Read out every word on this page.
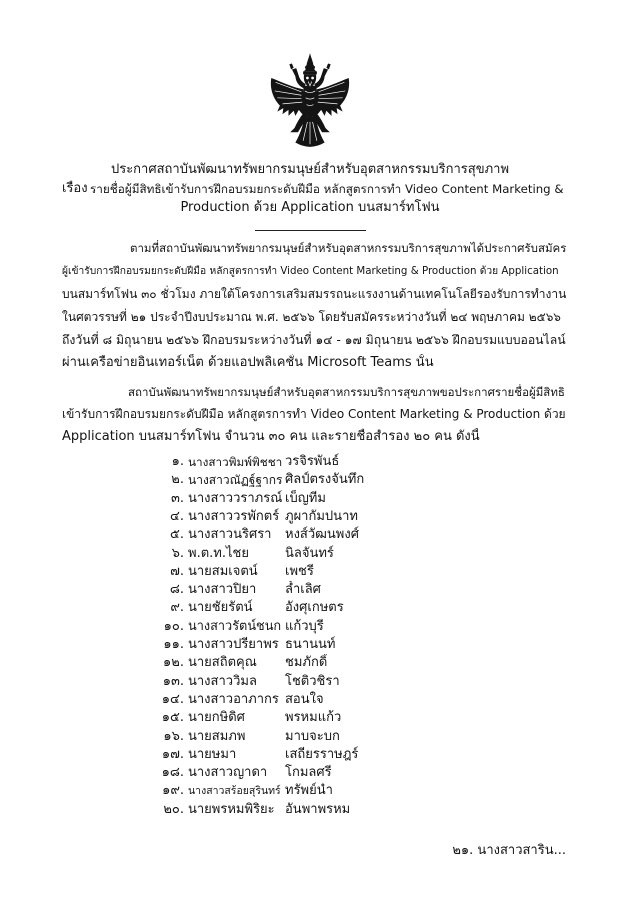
ประกาศสถาบันพัฒนาทรัพยากรมนุษย์สำหรับอุตสาหกรรมบริการสุขภาพ
เรื่อง รายชื่อผู้มีสิทธิเข้ารับการฝึกอบรมยกระดับฝีมือ หลักสูตรการทำ Video Content Marketing &
Production ด้วย Application บนสมาร์ทโฟน
ตามที่สถาบันพัฒนาทรัพยากรมนุษย์สำหรับอุตสาหกรรมบริการสุขภาพได้ประกาศรับสมัคร
ผู้เข้ารับการฝึกอบรมยกระดับฝีมือ หลักสูตรการทำ Video Content Marketing & Production ด้วย Application
บนสมาร์ทโฟน ๓๐ ชั่วโมง ภายใต้โครงการเสริมสมรรถนะแรงงานด้านเทคโนโลยีรองรับการทำงาน
ในศตวรรษที่ ๒๑ ประจำปีงบประมาณ พ.ศ. ๒๕๖๖ โดยรับสมัครระหว่างวันที่ ๒๔ พฤษภาคม ๒๕๖๖
ถึงวันที่ ๘ มิถุนายน ๒๕๖๖ ฝึกอบรมระหว่างวันที่ ๑๔ - ๑๗ มิถุนายน ๒๕๖๖ ฝึกอบรมแบบออนไลน์
ผ่านเครือข่ายอินเทอร์เน็ต ด้วยแอปพลิเคชั่น Microsoft Teams นั้น
สถาบันพัฒนาทรัพยากรมนุษย์สำหรับอุตสาหกรรมบริการสุขภาพขอประกาศรายชื่อผู้มีสิทธิ
เข้ารับการฝึกอบรมยกระดับฝีมือ หลักสูตรการทำ Video Content Marketing & Production ด้วย
Application บนสมาร์ทโฟน จำนวน ๓๐ คน และรายชื่อสำรอง ๒๐ คน ดังนี้
๑. นางสาวพิมพ์พิชชา วรจิรพันธ์
๒. นางสาวณัฏฐ์ฐากร ศิลป์ตรงจันทึก
๓. นางสาววราภรณ์ เบ็ญทีม
๔. นางสาววรพักตร์ ภูผากัมปนาท
๕. นางสาวนริศรา	หงส์วัฒนพงศ์
๖. พ.ต.ท.ไชย	นิลจันทร์
๗. นายสมเจตน์	เพชรี
๘. นางสาวปิยา	ล้ำเลิศ
๙. นายชัยรัตน์	อังศุเกษตร
๑๐. นางสาวรัตน์ชนก แก้วบุรี
๑๑. นางสาวปรียาพร ธนานนท์
๑๒. นายสถิตคุณ	ชมภักดิ์
๑๓. นางสาววิมล	โชติวชิรา
๑๔. นางสาวอาภากร สอนใจ
๑๕. นายกษิดิศ	พรหมแก้ว
๑๖. นายสมภพ	มาบจะบก
๑๗. นายษมา	เสถียรราษฎร์
๑๘. นางสาวญาดา	โกมลศรี
๑๙. นางสาวสร้อยสุรินทร์ ทรัพย์นำ
๒๐. นายพรหมพิริยะ อันพาพรหม
๒๑. นางสาวสาริน...
